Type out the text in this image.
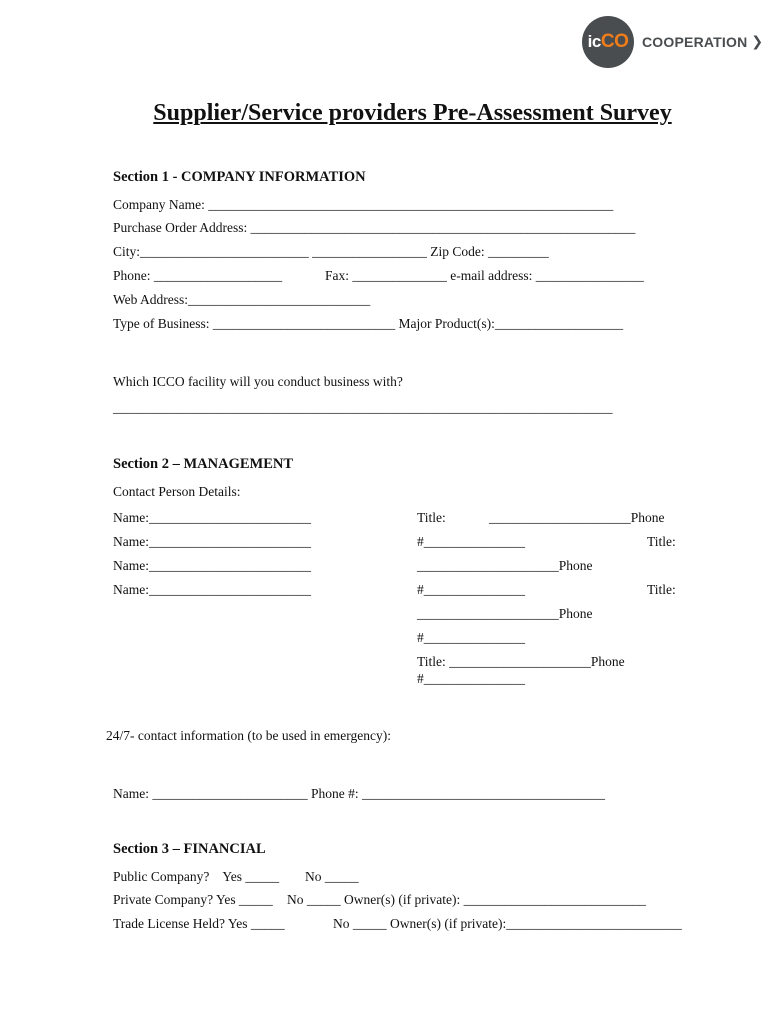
ic CO COOPERATION ❯
Supplier/Service providers Pre-Assessment Survey
Section 1 - COMPANY INFORMATION
Company Name: ____________________________________________________________
Purchase Order Address: _________________________________________________________
City:_________________________ _________________ Zip Code: _________
Phone: ___________________	Fax: ______________ e-mail address: ________________
Web Address:___________________________
Type of Business: ___________________________ Major Product(s):___________________
Which ICCO facility will you conduct business with?
__________________________________________________________________________
Section 2 – MANAGEMENT
Contact Person Details:
Name:________________________
Name:________________________
Name:________________________
Name:________________________
Title:	_____________________Phone
#_______________	Title:
_____________________Phone
#_______________	Title:
_____________________Phone
#_______________
Title: _____________________Phone
#_______________
24/7- contact information (to be used in emergency):
Name: _______________________ Phone #: ____________________________________
Section 3 – FINANCIAL
Public Company?    Yes _____ No _____
Private Company? Yes _____ No _____ Owner(s) (if private): ___________________________
Trade License Held? Yes _____	No _____ Owner(s) (if private):__________________________
